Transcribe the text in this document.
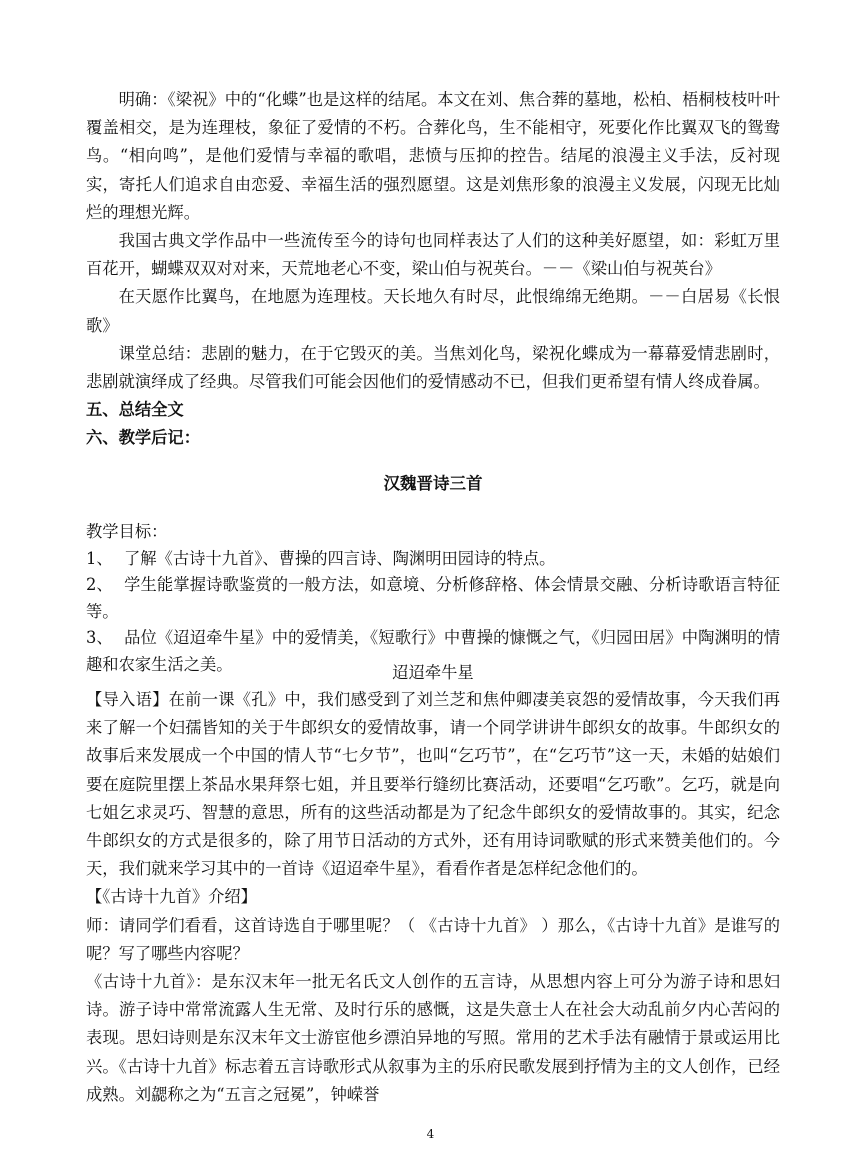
明确：《梁祝》中的“化蝶”也是这样的结尾。本文在刘、焦合葬的墓地，松柏、梧桐枝枝叶叶覆盖相交，是为连理枝，象征了爱情的不朽。合葬化鸟，生不能相守，死要化作比翼双飞的鸳鸯鸟。“相向鸣”，是他们爱情与幸福的歌唱，悲愤与压抑的控告。结尾的浪漫主义手法，反衬现实，寄托人们追求自由恋爱、幸福生活的强烈愿望。这是刘焦形象的浪漫主义发展，闪现无比灿烂的理想光辉。

我国古典文学作品中一些流传至今的诗句也同样表达了人们的这种美好愿望，如：彩虹万里百花开，蝴蝶双双对对来，天荒地老心不变，梁山伯与祝英台。－－《梁山伯与祝英台》

在天愿作比翼鸟，在地愿为连理枝。天长地久有时尽，此恨绵绵无绝期。－－白居易《长恨歌》

课堂总结：悲剧的魅力，在于它毁灭的美。当焦刘化鸟，梁祝化蝶成为一幕幕爱情悲剧时，悲剧就演绎成了经典。尽管我们可能会因他们的爱情感动不已，但我们更希望有情人终成眷属。

五、总结全文
六、教学后记：
汉魏晋诗三首

教学目标：

1、 了解《古诗十九首》、曹操的四言诗、陶渊明田园诗的特点。

2、 学生能掌握诗歌鉴赏的一般方法，如意境、分析修辞格、体会情景交融、分析诗歌语言特征等。

3、 品位《迢迢牵牛星》中的爱情美，《短歌行》中曹操的慷慨之气，《归园田居》中陶渊明的情趣和农家生活之美。	迢迢牵牛星

【导入语】在前一课《孔》中，我们感受到了刘兰芝和焦仲卿凄美哀怨的爱情故事，今天我们再来了解一个妇孺皆知的关于牛郎织女的爱情故事，请一个同学讲讲牛郎织女的故事。牛郎织女的故事后来发展成一个中国的情人节“七夕节”，也叫“乞巧节”，在“乞巧节”这一天，未婚的姑娘们要在庭院里摆上茶品水果拜祭七姐，并且要举行缝纫比赛活动，还要唱“乞巧歌”。乞巧，就是向七姐乞求灵巧、智慧的意思，所有的这些活动都是为了纪念牛郎织女的爱情故事的。其实，纪念牛郎织女的方式是很多的，除了用节日活动的方式外，还有用诗词歌赋的形式来赞美他们的。今天，我们就来学习其中的一首诗《迢迢牵牛星》，看看作者是怎样纪念他们的。

【《古诗十九首》介绍】

师：请同学们看看，这首诗选自于哪里呢？（ 《古诗十九首》 ）那么，《古诗十九首》是谁写的呢？写了哪些内容呢？

《古诗十九首》：是东汉末年一批无名氏文人创作的五言诗，从思想内容上可分为游子诗和思妇诗。游子诗中常常流露人生无常、及时行乐的感慨，这是失意士人在社会大动乱前夕内心苦闷的表现。思妇诗则是东汉末年文士游宦他乡漂泊异地的写照。常用的艺术手法有融情于景或运用比兴。《古诗十九首》标志着五言诗歌形式从叙事为主的乐府民歌发展到抒情为主的文人创作，已经成熟。刘勰称之为“五言之冠冕”，钟嵘誉

4
